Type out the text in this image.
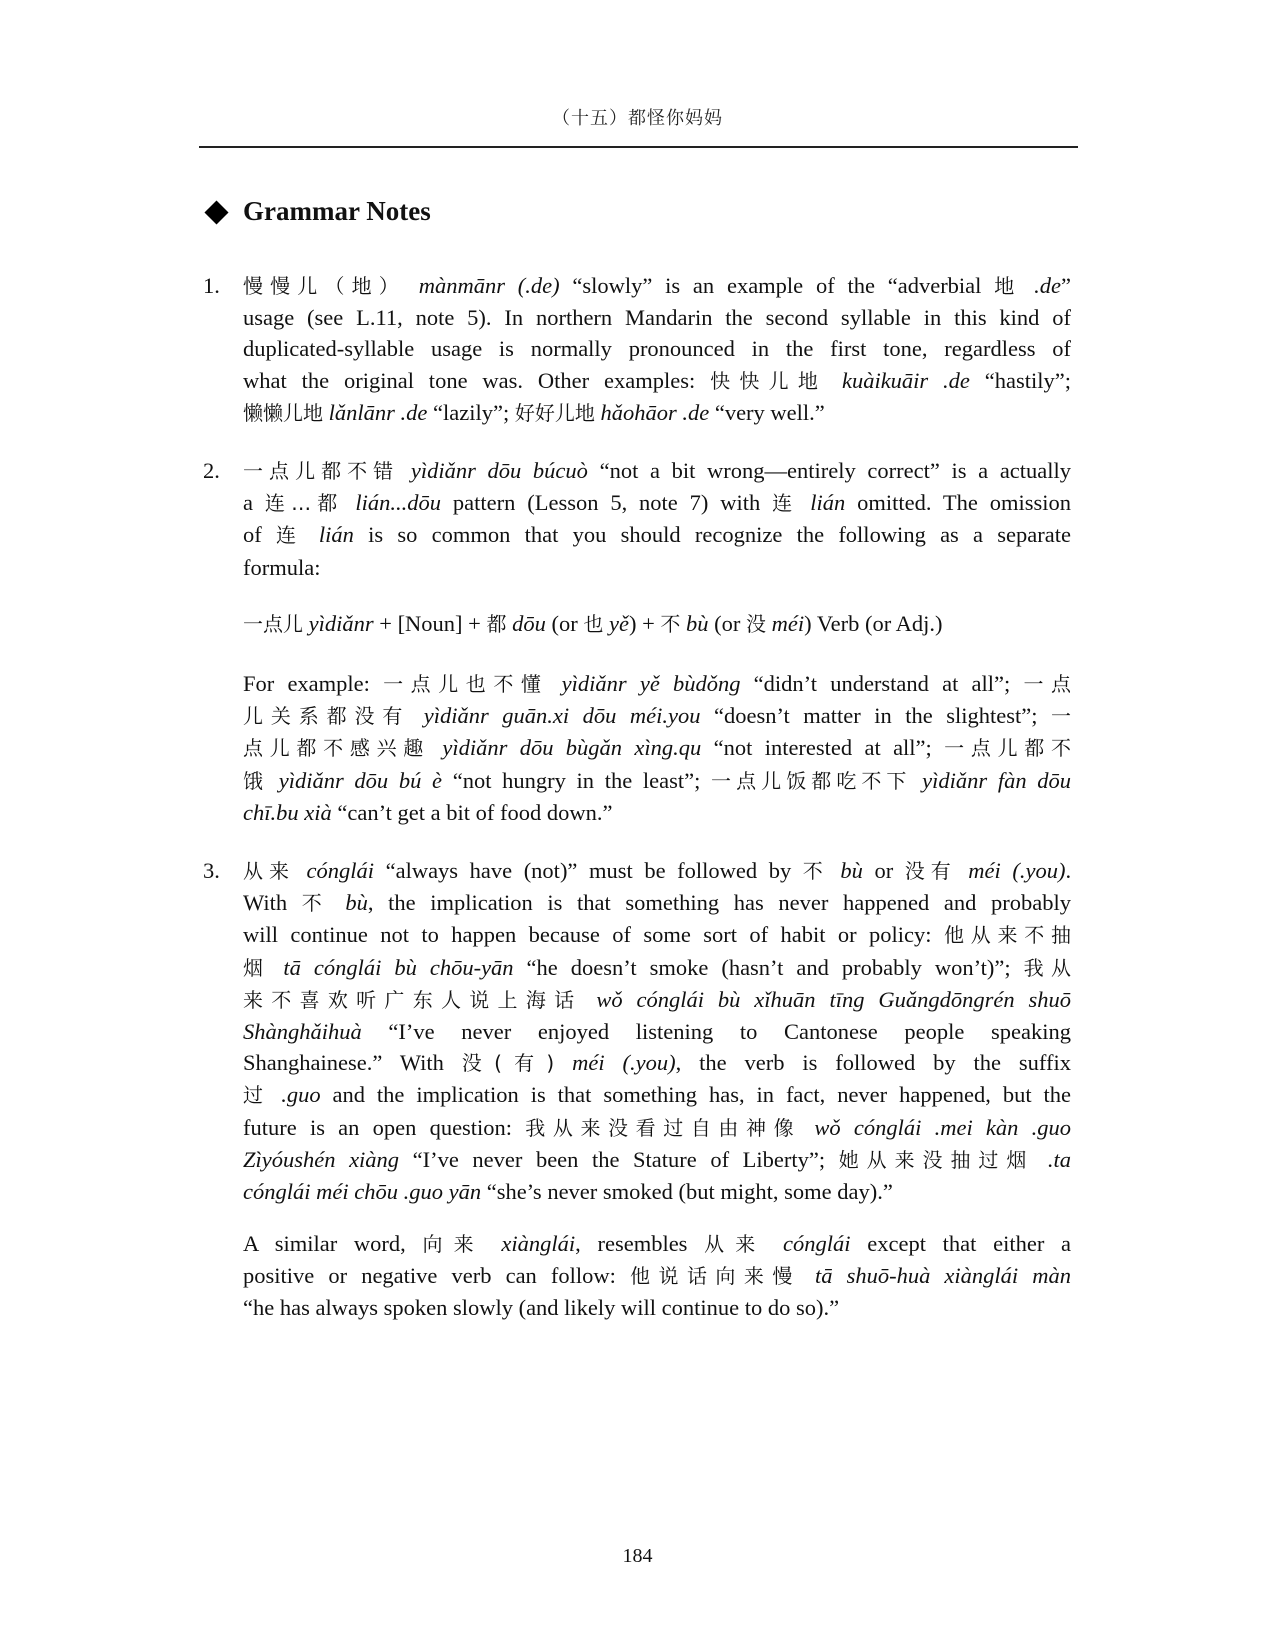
（十五）都怪你妈妈
Grammar Notes
1. 慢慢儿（地） mànmānr (.de) “slowly” is an example of the “adverbial 地 .de”
usage (see L.11, note 5). In northern Mandarin the second syllable in this kind of
duplicated-syllable usage is normally pronounced in the first tone, regardless of
what the original tone was. Other examples: 快快儿地 kuàikuāir .de “hastily”;
懒懒儿地 lǎnlānr .de “lazily”; 好好儿地 hǎohāor .de “very well.”
2. 一点儿都不错 yìdiǎnr dōu búcuò “not a bit wrong—entirely correct” is a actually
a 连…都 lián...dōu pattern (Lesson 5, note 7) with 连 lián omitted. The omission
of 连 lián is so common that you should recognize the following as a separate
formula:
一点儿 yìdiǎnr + [Noun] + 都 dōu (or 也 yě) + 不 bù (or 没 méi) Verb (or Adj.)
For example: 一点儿也不懂 yìdiǎnr yě bùdǒng “didn’t understand at all”; 一点
儿关系都没有 yìdiǎnr guān.xi dōu méi.you “doesn’t matter in the slightest”; 一
点儿都不感兴趣 yìdiǎnr dōu bùgǎn xìng.qu “not interested at all”; 一点儿都不
饿 yìdiǎnr dōu bú è “not hungry in the least”; 一点儿饭都吃不下 yìdiǎnr fàn dōu
chī.bu xià “can’t get a bit of food down.”
3. 从来 cónglái “always have (not)” must be followed by 不 bù or 没有 méi (.you).
With 不 bù, the implication is that something has never happened and probably
will continue not to happen because of some sort of habit or policy: 他从来不抽
烟 tā cónglái bù chōu-yān “he doesn’t smoke (hasn’t and probably won’t)”; 我从
来不喜欢听广东人说上海话 wǒ cónglái bù xǐhuān tīng Guǎngdōngrén shuō
Shànghǎihuà “I’ve never enjoyed listening to Cantonese people speaking
Shanghainese.” With 没(有) méi (.you), the verb is followed by the suffix
过 .guo and the implication is that something has, in fact, never happened, but the
future is an open question: 我从来没看过自由神像 wǒ cónglái .mei kàn .guo
Zìyóushén xiàng “I’ve never been the Stature of Liberty”; 她从来没抽过烟 .ta
cónglái méi chōu .guo yān “she’s never smoked (but might, some day).”
A similar word, 向来 xiànglái, resembles 从来 cónglái except that either a
positive or negative verb can follow: 他说话向来慢 tā shuō-huà xiànglái màn
“he has always spoken slowly (and likely will continue to do so).”
184
